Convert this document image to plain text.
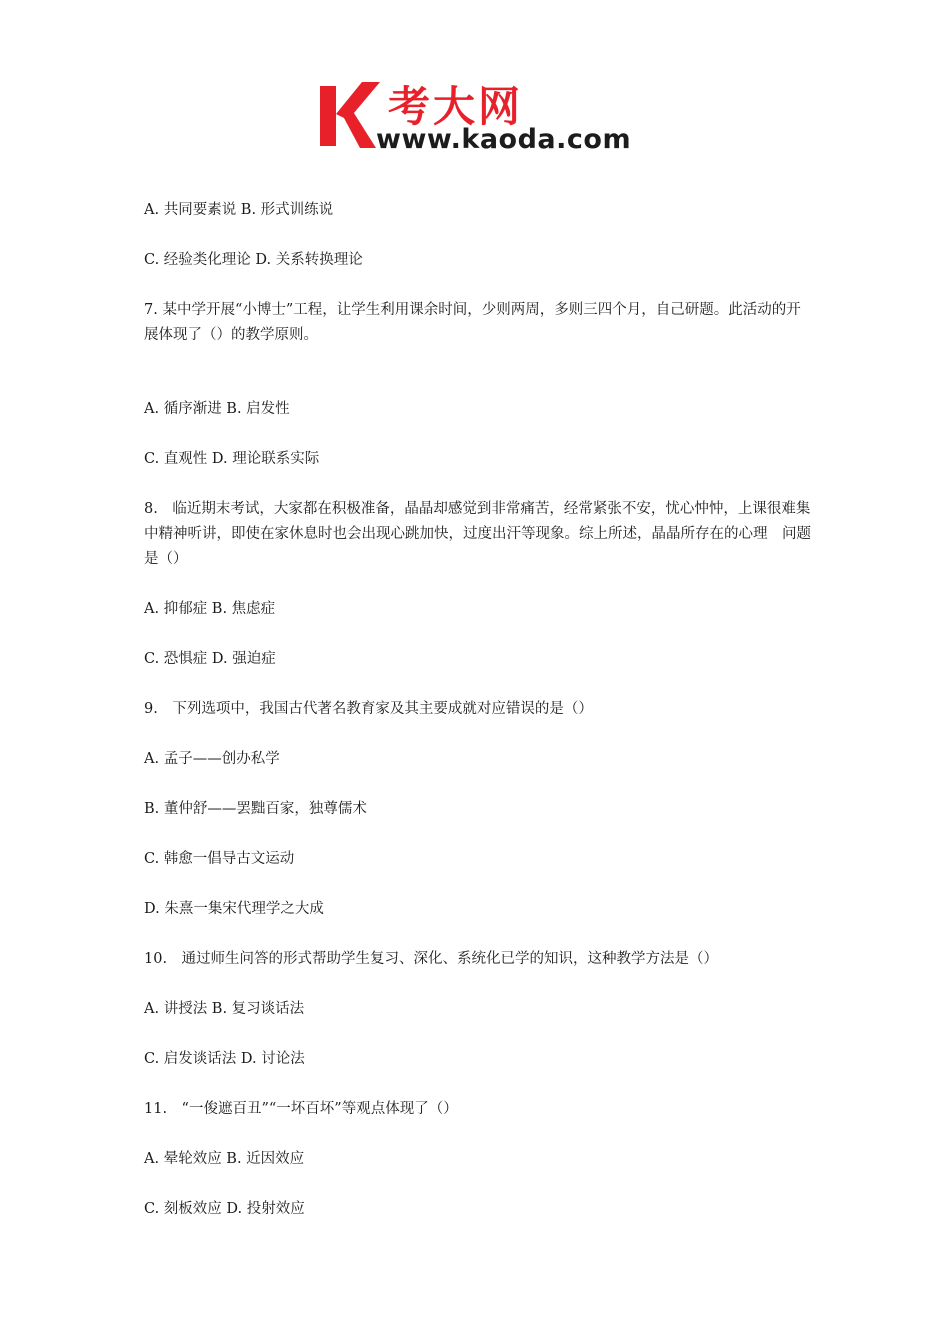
考大网
www.kaoda.com

A. 共同要素说 B. 形式训练说

C. 经验类化理论 D. 关系转换理论

7. 某中学开展“小博士”工程，让学生利用课余时间，少则两周，多则三四个月，自己研题。此活动的开展体现了（）的教学原则。

A. 循序渐进 B. 启发性

C. 直观性 D. 理论联系实际

8.　临近期末考试，大家都在积极准备，晶晶却感觉到非常痛苦，经常紧张不安，忧心忡忡，上课很难集中精神听讲，即使在家休息时也会出现心跳加快，过度出汗等现象。综上所述，晶晶所存在的心理　问题是（）

A. 抑郁症 B. 焦虑症

C. 恐惧症 D. 强迫症

9.　下列选项中，我国古代著名教育家及其主要成就对应错误的是（）

A. 孟子——创办私学

B. 董仲舒——罢黜百家，独尊儒术

C. 韩愈一倡导古文运动

D. 朱熹一集宋代理学之大成

10.　通过师生问答的形式帮助学生复习、深化、系统化已学的知识，这种教学方法是（）

A. 讲授法 B. 复习谈话法

C. 启发谈话法 D. 讨论法

11.　“一俊遮百丑”“一坏百坏”等观点体现了（）

A. 晕轮效应 B. 近因效应

C. 刻板效应 D. 投射效应
